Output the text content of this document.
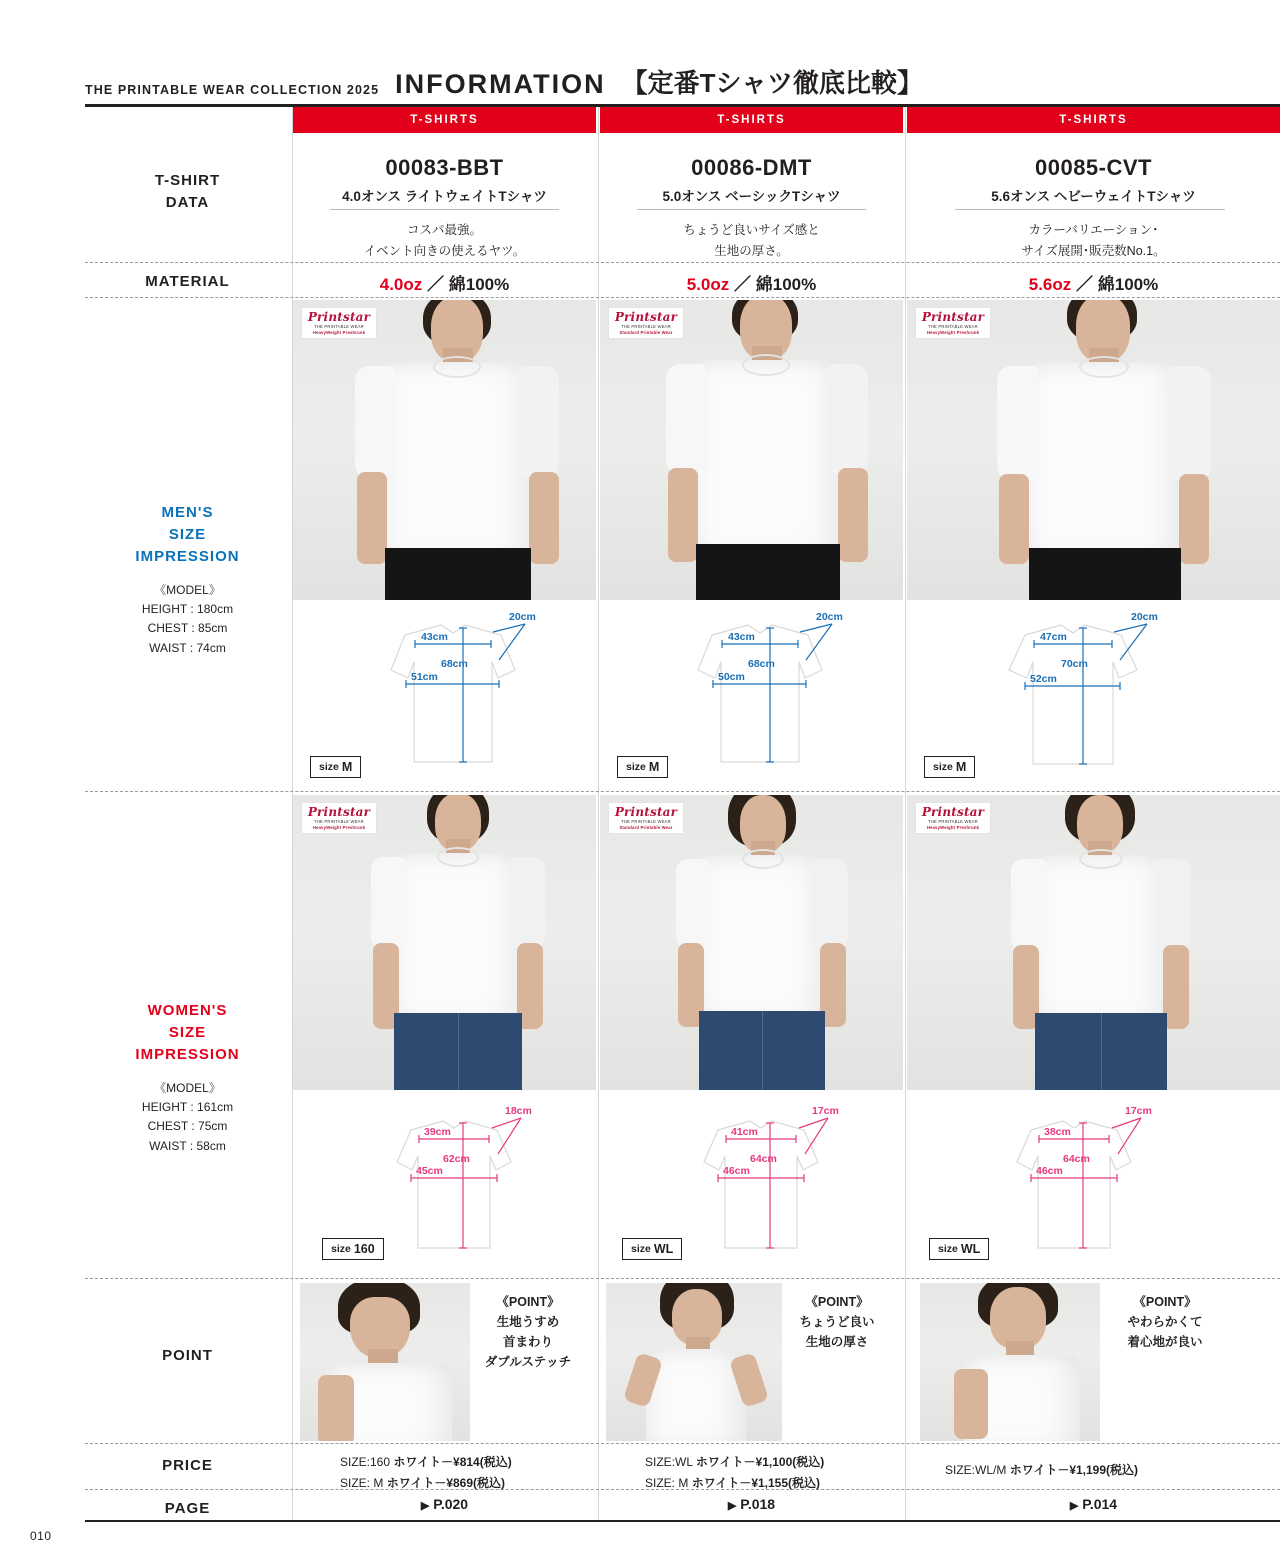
THE PRINTABLE WEAR COLLECTION 2025 INFORMATION 【定番Tシャツ徹底比較】
T-SHIRTS	T-SHIRTS	T-SHIRTS
T-SHIRT
DATA
MATERIAL
MEN'S
SIZE
IMPRESSION
《MODEL》
HEIGHT : 180cm
CHEST : 85cm
WAIST : 74cm
WOMEN'S
SIZE
IMPRESSION
《MODEL》
HEIGHT : 161cm
CHEST : 75cm
WAIST : 58cm
POINT
PRICE
PAGE
00083-BBT
4.0オンス ライトウェイトTシャツ
コスパ最強。
イベント向きの使えるヤツ。
4.0oz ／ 綿100%
Printstar
THE PRINTABLE WEAR
HeavyWeight Preshrunk
43cm
68cm
51cm
20cm
size M
Printstar
THE PRINTABLE WEAR
HeavyWeight Preshrunk
39cm
62cm
45cm
18cm
size 160
《POINT》
生地うすめ
首まわり
ダブルステッチ
SIZE:160 ホワイト－¥814(税込)
SIZE: M ホワイト－¥869(税込)
▶ P.020
00086-DMT
5.0オンス ベーシックTシャツ
ちょうど良いサイズ感と
生地の厚さ。
5.0oz ／ 綿100%
Printstar
THE PRINTABLE WEAR
Standard Printable Wear
43cm
68cm
50cm
20cm
size M
Printstar
THE PRINTABLE WEAR
Standard Printable Wear
41cm
64cm
46cm
17cm
size WL
《POINT》
ちょうど良い
生地の厚さ
SIZE:WL ホワイト－¥1,100(税込)
SIZE: M ホワイト－¥1,155(税込)
▶ P.018
00085-CVT
5.6オンス ヘビーウェイトTシャツ
カラーバリエーション･
サイズ展開･販売数No.1。
5.6oz ／ 綿100%
Printstar
THE PRINTABLE WEAR
HeavyWeight Preshrunk
47cm
70cm
52cm
20cm
size M
Printstar
THE PRINTABLE WEAR
HeavyWeight Preshrunk
38cm
64cm
46cm
17cm
size WL
《POINT》
やわらかくて
着心地が良い
SIZE:WL/M ホワイト－¥1,199(税込)
▶ P.014
010
